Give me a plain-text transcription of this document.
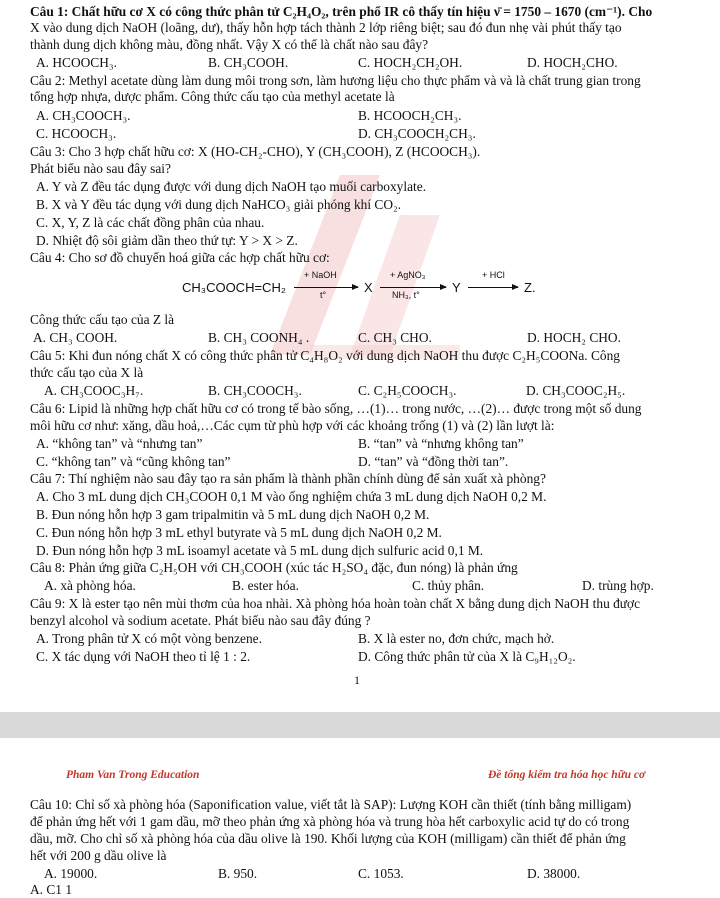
Câu 1: Chất hữu cơ X có công thức phân tử C₂H₄O₂, trên phổ IR cô thấy tín hiệu ν̄ = 1750 – 1670 (cm⁻¹). Cho
X vào dung dịch NaOH (loãng, dư), thấy hỗn hợp tách thành 2 lớp riêng biệt; sau đó đun nhẹ vài phút thấy tạo
thành dung dịch không màu, đồng nhất. Vậy X có thể là chất nào sau đây?
A. HCOOCH₃.	B. CH₃COOH.	C. HOCH₂CH₂OH.	D. HOCH₂CHO.
Câu 2: Methyl acetate dùng làm dung môi trong sơn, làm hương liệu cho thực phẩm và và là chất trung gian trong
tổng hợp nhựa, dược phẩm. Công thức cấu tạo của methyl acetate là
A. CH₃COOCH₃.	B. HCOOCH₂CH₃.
C. HCOOCH₃.	D. CH₃COOCH₂CH₃.
Câu 3: Cho 3 hợp chất hữu cơ: X (HO-CH₂-CHO), Y (CH₃COOH), Z (HCOOCH₃).
Phát biểu nào sau đây sai?
A. Y và Z đều tác dụng được với dung dịch NaOH tạo muối carboxylate.
B. X và Y đều tác dụng với dung dịch NaHCO₃ giải phóng khí CO₂.
C. X, Y, Z là các chất đồng phân của nhau.
D. Nhiệt độ sôi giảm dần theo thứ tự: Y > X > Z.
Câu 4: Cho sơ đồ chuyển hoá giữa các hợp chất hữu cơ:
CH₃COOCH=CH₂
+ NaOH
t°	X
+ AgNO₃
NH₃, t° Y
+ HCl
Z.
Công thức cấu tạo của Z là
A. CH₃ COOH.	B. CH₃ COONH₄ .	C. CH₃ CHO.	D. HOCH₂ CHO.
Câu 5: Khi đun nóng chất X có công thức phân tử C₄H₈O₂ với dung dịch NaOH thu được C₂H₅COONa. Công
thức cấu tạo của X là
A. CH₃COOC₃H₇.	B. CH₃COOCH₃.	C. C₂H₅COOCH₃.	D. CH₃COOC₂H₅.
Câu 6: Lipid là những hợp chất hữu cơ có trong tế bào sống, …(1)… trong nước, …(2)… được trong một số dung
môi hữu cơ như: xăng, dầu hoả,…Các cụm từ phù hợp với các khoảng trống (1) và (2) lần lượt là:
A. “không tan” và “nhưng tan”	B. “tan” và “nhưng không tan”
C. “không tan” và “cũng không tan”	D. “tan” và “đồng thời tan”.
Câu 7: Thí nghiệm nào sau đây tạo ra sản phẩm là thành phần chính dùng để sản xuất xà phòng?
A. Cho 3 mL dung dịch CH₃COOH 0,1 M vào ống nghiệm chứa 3 mL dung dịch NaOH 0,2 M.
B. Đun nóng hỗn hợp 3 gam tripalmitin và 5 mL dung dịch NaOH 0,2 M.
C. Đun nóng hỗn hợp 3 mL ethyl butyrate và 5 mL dung dịch NaOH 0,2 M.
D. Đun nóng hỗn hợp 3 mL isoamyl acetate và 5 mL dung dịch sulfuric acid 0,1 M.
Câu 8: Phản ứng giữa C₂H₅OH với CH₃COOH (xúc tác H₂SO₄ đặc, đun nóng) là phản ứng
A. xà phòng hóa.	B. ester hóa.	C. thủy phân.	D. trùng hợp.
Câu 9: X là ester tạo nên mùi thơm của hoa nhài. Xà phòng hóa hoàn toàn chất X bằng dung dịch NaOH thu được
benzyl alcohol và sodium acetate. Phát biểu nào sau đây đúng ?
A. Trong phân tử X có một vòng benzene.	B. X là ester no, đơn chức, mạch hở.
C. X tác dụng với NaOH theo tỉ lệ 1 : 2.	D. Công thức phân tử của X là C₉H₁₂O₂.
1
Pham Van Trong Education	Đề tổng kiểm tra hóa học hữu cơ
Câu 10: Chỉ số xà phòng hóa (Saponification value, viết tắt là SAP): Lượng KOH cần thiết (tính bằng milligam)
để phản ứng hết với 1 gam dầu, mỡ theo phản ứng xà phòng hóa và trung hòa hết carboxylic acid tự do có trong
dầu, mỡ. Cho chỉ số xà phòng hóa của dầu olive là 190. Khối lượng của KOH (milligam) cần thiết để phản ứng
hết với 200 g dầu olive là
A. 19000.	B. 950.	C. 1053.	D. 38000.
A. C1 1
